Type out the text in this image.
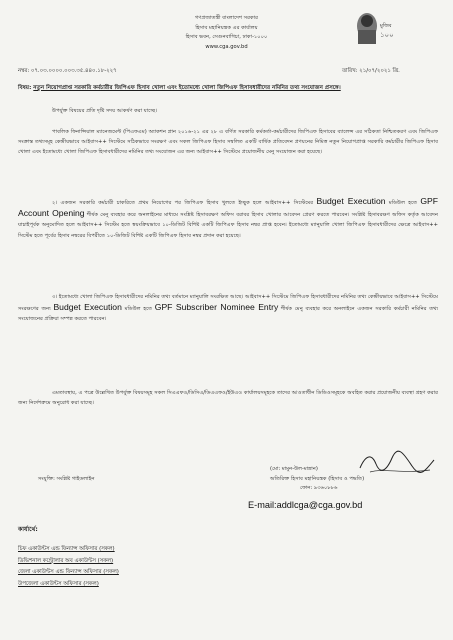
গণপ্রজাতন্ত্রী বাংলাদেশ সরকার
হিসাব মহানিয়ন্ত্রক এর কার্যালয়
হিসাব ভবন, সেগুনবাগিচা, ঢাকা-১০০০
www.cga.gov.bd
মুজিব
১০০
নম্বর: ০৭.০৩.০০০০.০০৩.৩৫.৪৪০.১৮-২২৭	তারিখ: ২১/০৭/২০২১ খ্রি.
বিষয়: নতুন নিয়োগপ্রাপ্ত সরকারি কর্মচারীর জিপিএফ হিসাব খোলা এবং ইতোমধ্যে খোলা জিপিএফ হিসাবধারীদের নমিনির তথ্য সংযোজন প্রসঙ্গে।
উপর্যুক্ত বিষয়ের প্রতি দৃষ্টি সদয় আকর্ষণ করা যাচ্ছে।
পাবলিক ফিনান্সিয়াল ম্যানেজমেন্ট (পিএফএম) অ্যাকশন প্লান ২০১৬-২১ এর ২৮ এ বর্ণিত সরকারি কর্মকর্তা-কর্মচারীদের জিপিএফ হিসাবের ব্যালেন্স এর সঠিকতা নিশ্চিতকরণ এবং জিপিএফ সংক্রান্ত তথ্যসমূহ কেন্দ্রীয়ভাবে আইবাস++ সিস্টেমে সঠিকভাবে সংরক্ষণ এবং সকল জিপিএফ হিসাব সম্বলিত একটি বার্ষিক প্রতিবেদন প্রণয়নের নিমিত্ত নতুন নিয়োগপ্রাপ্ত সরকারি কর্মচারীর জিপিএফ হিসাব খোলা এবং ইতোমধ্যে খোলা জিপিএফ হিসাবধারীদের নমিনির তথ্য সংযোজন এর জন্য আইবাস++ সিস্টেমে প্রয়োজনীয় মেনু সংযোজন করা হয়েছে।
২। একজন সরকারি কর্মচারী চাকরিতে প্রথম নিয়োগের পর জিপিএফ হিসাব খুলতে ইচ্ছুক হলে আইবাস++ সিস্টেমের Budget Execution মডিউল হতে GPF Account Opening শীর্ষক মেনু ব্যবহার করে অনলাইনের মাধ্যমে সংশ্লিষ্ট হিসাবরক্ষণ অফিস বরাবর হিসাব খোলার আবেদন প্রেরণ করতে পারবেন। সংশ্লিষ্ট হিসাবরক্ষণ অফিস কর্তৃক আবেদন যাচাইপূর্বক অনুমোদিত হলে আইবাস++ সিস্টেম হতে স্বয়ংক্রিয়ভাবে ১০-ডিজিট বিশিষ্ট একটি জিপিএফ হিসাব নম্বর প্রাপ্ত হবেন। ইতোমধ্যে ম্যানুয়ালি খোলা জিপিএফ হিসাবধারীদের ক্ষেত্রে আইবাস++ সিস্টেম হতে পূর্বের হিসাব নম্বরের বিপরীতে ১০-ডিজিট বিশিষ্ট একটি জিপিএফ হিসাব নম্বর প্রদান করা হয়েছে।
৩। ইতোমধ্যে খোলা জিপিএফ হিসাবধারীদের নমিনির তথ্য বর্তমানে ম্যানুয়ালি সংরক্ষিত আছে। আইবাস++ সিস্টেমে জিপিএফ হিসাবধারীদের নমিনির তথ্য কেন্দ্রীয়ভাবে আইবাস++ সিস্টেমে সংরক্ষণের জন্য Budget Execution মডিউল হতে GPF Subscriber Nominee Entry শীর্ষক মেনু ব্যবহার করে অনলাইনে একজন সরকারি কর্মচারী নমিনির তথ্য সংযোজনের প্রক্রিয়া সম্পন্ন করতে পারবেন।
এমতাবস্থায়, এ পত্রে উল্লেখিত উপর্যুক্ত বিষয়সমূহ সকল সিএএফও/ডিসিএ/ডিএএফও/ইউএও কার্যালয়সমূহকে তাদের আওতাধীন ডিডিওসমূহকে অবহিত করার প্রয়োজনীয় ব্যবস্থা গ্রহণ করার জন্য নির্দেশক্রমে অনুরোধ করা যাচ্ছে।
(মো: মামুন-উল-মান্নান)
অতিরিক্ত হিসাব মহানিয়ন্ত্রক (হিসাব ও পদ্ধতি)
ফোন: ৯৩৬০৮৮৬
সংযুক্তি: সংশ্লিষ্ট গাইডলাইন
E-mail:addlcga@cga.gov.bd
কার্যার্থে:
চিফ একাউন্টস এন্ড ফিন্যান্স অফিসার (সকল)
ডিভিশনাল কন্ট্রোলার অব একাউন্টস (সকল)
জেলা একাউন্টস এন্ড ফিন্যান্স অফিসার (সকল)
উপজেলা একাউন্টস অফিসার (সকল)
